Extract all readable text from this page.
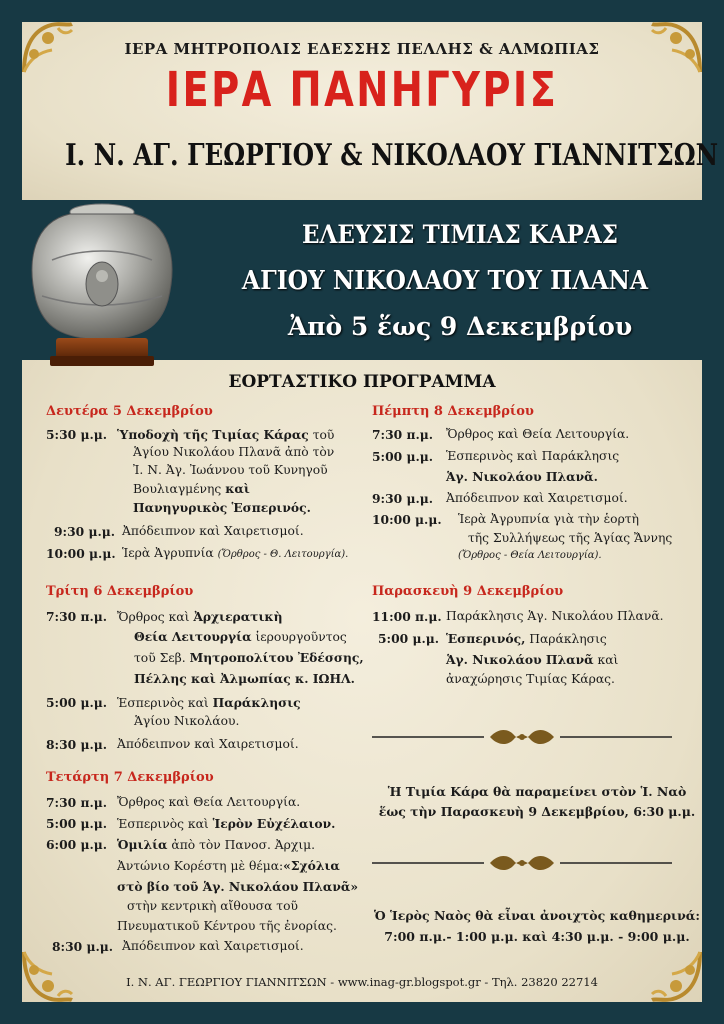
ΙΕΡΑ ΜΗΤΡΟΠΟΛΙΣ ΕΔΕΣΣΗΣ ΠΕΛΛΗΣ & ΑΛΜΩΠΙΑΣ
ΙΕΡΑ ΠΑΝΗΓΥΡΙΣ
Ι. Ν. ΑΓ. ΓΕΩΡΓΙΟΥ & ΝΙΚΟΛΑΟΥ ΓΙΑΝΝΙΤΣΩΝ
ΕΛΕΥΣΙΣ ΤΙΜΙΑΣ ΚΑΡΑΣ
ΑΓΙΟΥ ΝΙΚΟΛΑΟΥ ΤΟΥ ΠΛΑΝΑ
Ἀπὸ 5 ἕως 9 Δεκεμβρίου
ΕΟΡΤΑΣΤΙΚΟ ΠΡΟΓΡΑΜΜΑ
Δευτέρα 5 Δεκεμβρίου
5:30 μ.μ. Ὑποδοχὴ τῆς Τιμίας Κάρας τοῦ
Ἁγίου Νικολάου Πλανᾶ ἀπὸ τὸν
Ἰ. Ν. Ἀγ. Ἰωάννου τοῦ Κυνηγοῦ
Βουλιαγμένης καὶ
Πανηγυρικὸς Ἑσπερινός.
9:30 μ.μ. Ἀπόδειπνον καὶ Χαιρετισμοί.
10:00 μ.μ. Ἱερὰ Ἀγρυπνία (Ὄρθρος - Θ. Λειτουργία).
Τρίτη 6 Δεκεμβρίου
7:30 π.μ. Ὄρθρος καὶ Ἀρχιερατικὴ
Θεία Λειτουργία ἱερουργοῦντος
τοῦ Σεβ. Μητροπολίτου Ἐδέσσης,
Πέλλης καὶ Ἀλμωπίας κ. ΙΩΗΛ.
5:00 μ.μ. Ἑσπερινὸς καὶ Παράκλησις
Ἁγίου Νικολάου.
8:30 μ.μ. Ἀπόδειπνον καὶ Χαιρετισμοί.
Τετάρτη 7 Δεκεμβρίου
7:30 π.μ. Ὄρθρος καὶ Θεία Λειτουργία.
5:00 μ.μ. Ἑσπερινὸς καὶ Ἱερὸν Εὐχέλαιον.
6:00 μ.μ. Ὁμιλία ἀπὸ τὸν Πανοσ. Ἀρχιμ.
Ἀντώνιο Κορέστη μὲ θέμα:«Σχόλια
στὸ βίο τοῦ Ἁγ. Νικολάου Πλανᾶ»
στὴν κεντρικὴ αἴθουσα τοῦ
Πνευματικοῦ Κέντρου τῆς ἐνορίας.
8:30 μ.μ. Ἀπόδειπνον καὶ Χαιρετισμοί.
Πέμπτη 8 Δεκεμβρίου
7:30 π.μ. Ὄρθρος καὶ Θεία Λειτουργία.
5:00 μ.μ. Ἑσπερινὸς καὶ Παράκλησις
Ἁγ. Νικολάου Πλανᾶ.
9:30 μ.μ. Ἀπόδειπνον καὶ Χαιρετισμοί.
10:00 μ.μ. Ἱερὰ Ἀγρυπνία γιὰ τὴν ἑορτὴ
τῆς Συλλήψεως τῆς Ἁγίας Ἄννης
(Ὄρθρος - Θεία Λειτουργία).
Παρασκευὴ 9 Δεκεμβρίου
11:00 π.μ. Παράκλησις Ἁγ. Νικολάου Πλανᾶ.
5:00 μ.μ. Ἑσπερινός, Παράκλησις
Ἁγ. Νικολάου Πλανᾶ καὶ
ἀναχώρησις Τιμίας Κάρας.
Ἡ Τιμία Κάρα θὰ παραμείνει στὸν Ἱ. Ναὸ
ἕως τὴν Παρασκευὴ 9 Δεκεμβρίου, 6:30 μ.μ.
Ὁ Ἱερὸς Ναὸς θὰ εἶναι ἀνοιχτὸς καθημερινά:
7:00 π.μ.- 1:00 μ.μ. καὶ 4:30 μ.μ. - 9:00 μ.μ.
Ι. Ν. ΑΓ. ΓΕΩΡΓΙΟΥ ΓΙΑΝΝΙΤΣΩΝ - www.inag-gr.blogspot.gr - Τηλ. 23820 22714
